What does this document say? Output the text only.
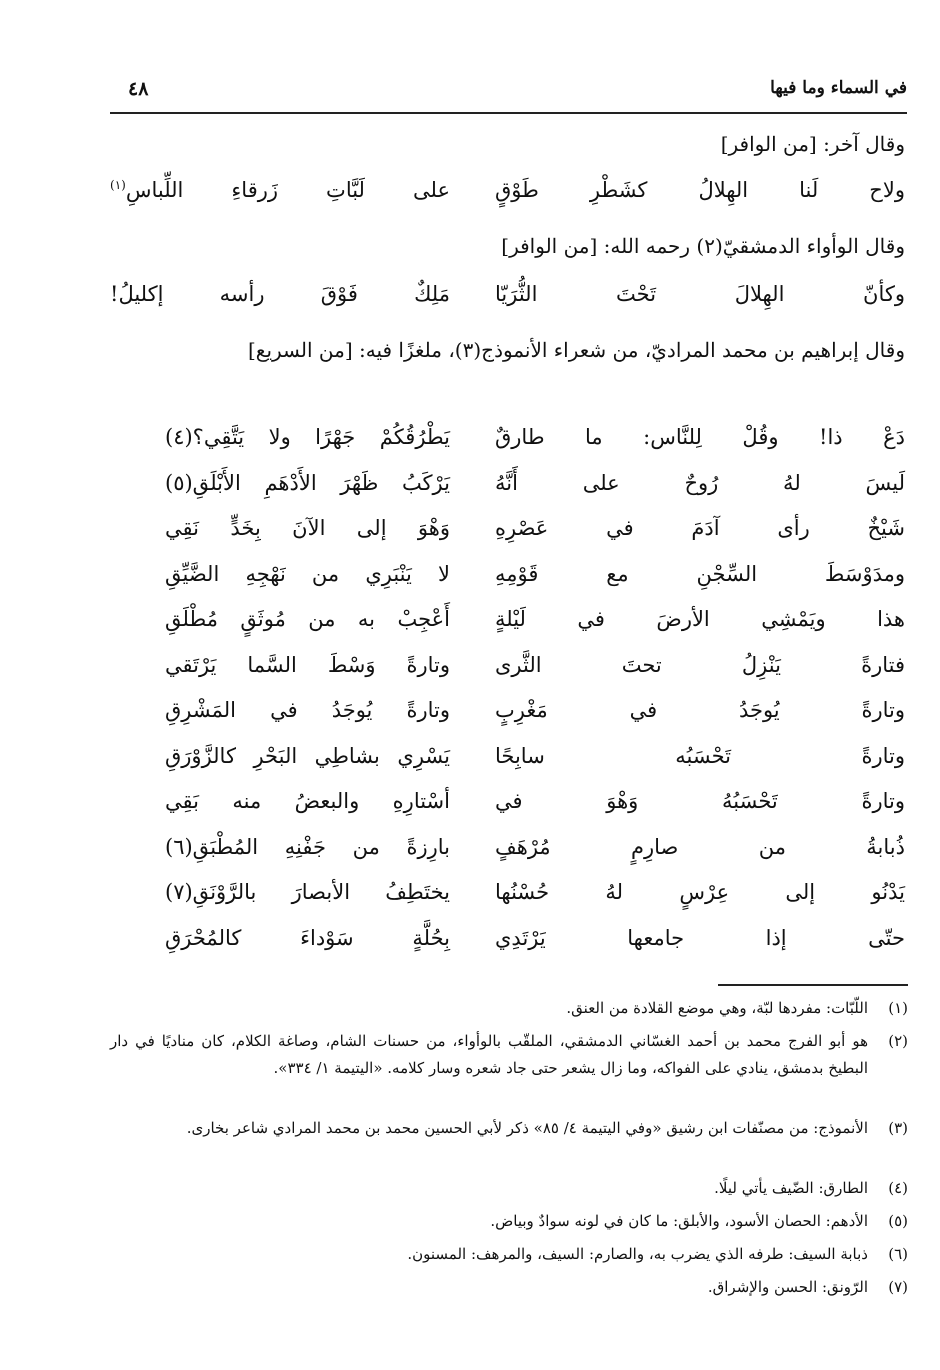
في السماء وما فيها
٤٨
وقال آخر: [من الوافر]
ولاح لَنا الهِلالُ كشَطْرِ طَوْقٍ
على لَبَّاتِ زَرقاءِ اللِّباسِ$^{(١)}$
وقال الوأواء الدمشقيّ(٢) رحمه الله: [من الوافر]
وكأنّ الهِلالَ تَحْتَ الثُّرَيّا
مَلِكٌ فَوْقَ رأسه إكليلُ!
وقال إبراهيم بن محمد المراديّ، من شعراء الأنموذج(٣)، ملغزًا فيه: [من السريع]
دَعْ ذا! وقُلْ لِلنَّاس: ما طارقٌ
يَطْرُقُكُمْ جَهْرًا ولا يَتَّقِي؟(٤)
لَيسَ لهُ رُوحٌ على أَنَّهُ
يَرْكَبُ ظَهْرَ الأَدْهَمِ الأَبْلَقِ(٥)
شَيْخٌ رأى آدَمَ في عَصْرِهِ
وَهْوَ إلى الآنَ بِخَدٍّ نَقِي
ومدَوْسَطَ السِّجْنِ مع قَوْمِهِ
لا يَنْبَرِي من نَهْجِهِ الضَّيِّقِ
هذا ويَمْشِي الأرضَ في لَيْلةٍ
أَعْجِبْ به من مُوثَقٍ مُطْلَقِ
فتارةً يَنْزِلُ تحتَ الثَّرى
وتارةً وَسْطَ السَّما يَرْتَقي
وتارةً يُوجَدُ في مَغْرِبٍ
وتارةً يُوجَدُ في المَشْرِقِ
وتارةً تَحْسَبُه سابِحًا
يَسْرِي بشاطِي البَحْرِ كالزَّوْرَقِ
وتارةً تَحْسَبُهُ وَهْوَ في
أسْتارِهِ والبعضُ منه بَقِي
ذُبابةُ من صارِمٍ مُرْهَفٍ
بارِزةً من جَفْنِهِ المُطْبَقِ(٦)
يَدْنُو إلى عِرْسٍ لهُ حُسْنُها
يختَطِفُ الأبصارَ بالرَّوْنَقِ(٧)
حتّى إذا جامعها يَرْتَدِي
بِحُلَّةٍ سَوْداءَ كالمُحْرَقِ
(١)
اللّبّات: مفردها لبّة، وهي موضع القلادة من العنق.
(٢)
هو أبو الفرج محمد بن أحمد الغسّاني الدمشقي، الملقّب بالوأواء، من حسنات الشام، وصاغة الكلام، كان مناديًا في دار البطيخ بدمشق، ينادي على الفواكه، وما زال يشعر حتى جاد شعره وسار كلامه. «اليتيمة ١/ ٣٣٤».
(٣)
الأنموذج: من مصنّفات ابن رشيق «وفي اليتيمة ٤/ ٨٥» ذكر لأبي الحسين محمد بن محمد المرادي شاعر بخارى.
(٤)
الطارق: الضّيف يأتي ليلًا.
(٥)
الأدهم: الحصان الأسود، والأبلق: ما كان في لونه سوادٌ وبياض.
(٦)
ذبابة السيف: طرفه الذي يضرب به، والصارم: السيف، والمرهف: المسنون.
(٧)
الرّونق: الحسن والإشراق.
